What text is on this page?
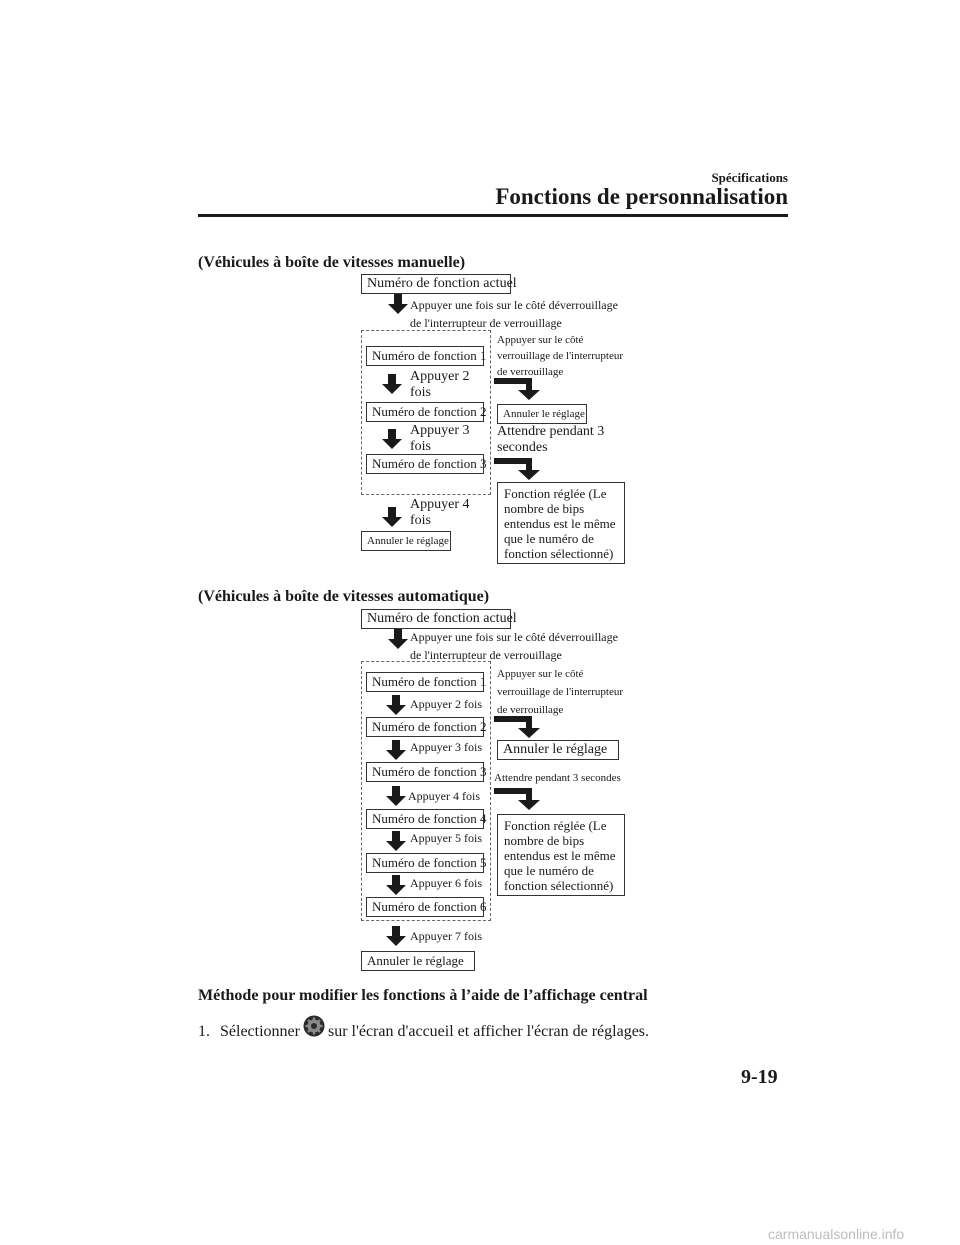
Spécifications
Fonctions de personnalisation
(Véhicules à boîte de vitesses manuelle)
Numéro de fonction actuel
Appuyer une fois sur le côté déverrouillage
de l'interrupteur de verrouillage
Numéro de fonction 1
Appuyer 2
fois
Numéro de fonction 2
Appuyer 3
fois
Numéro de fonction 3
Appuyer 4
fois
Annuler le réglage
Appuyer sur le côté
verrouillage de l'interrupteur
de verrouillage
Annuler le réglage
Attendre pendant 3
secondes
Fonction réglée (Le
nombre de bips
entendus est le même
que le numéro de
fonction sélectionné)
(Véhicules à boîte de vitesses automatique)
Numéro de fonction actuel
Appuyer une fois sur le côté déverrouillage
de l'interrupteur de verrouillage
Numéro de fonction 1
Appuyer 2 fois
Numéro de fonction 2
Appuyer 3 fois
Numéro de fonction 3
Appuyer 4 fois
Numéro de fonction 4
Appuyer 5 fois
Numéro de fonction 5
Appuyer 6 fois
Numéro de fonction 6
Appuyer 7 fois
Annuler le réglage
Appuyer sur le côté
verrouillage de l'interrupteur
de verrouillage
Annuler le réglage
Attendre pendant 3 secondes
Fonction réglée (Le
nombre de bips
entendus est le même
que le numéro de
fonction sélectionné)
Méthode pour modifier les fonctions à l’aide de l’affichage central
1. Sélectionner sur l'écran d'accueil et afficher l'écran de réglages.
9-19
carmanualsonline.info
